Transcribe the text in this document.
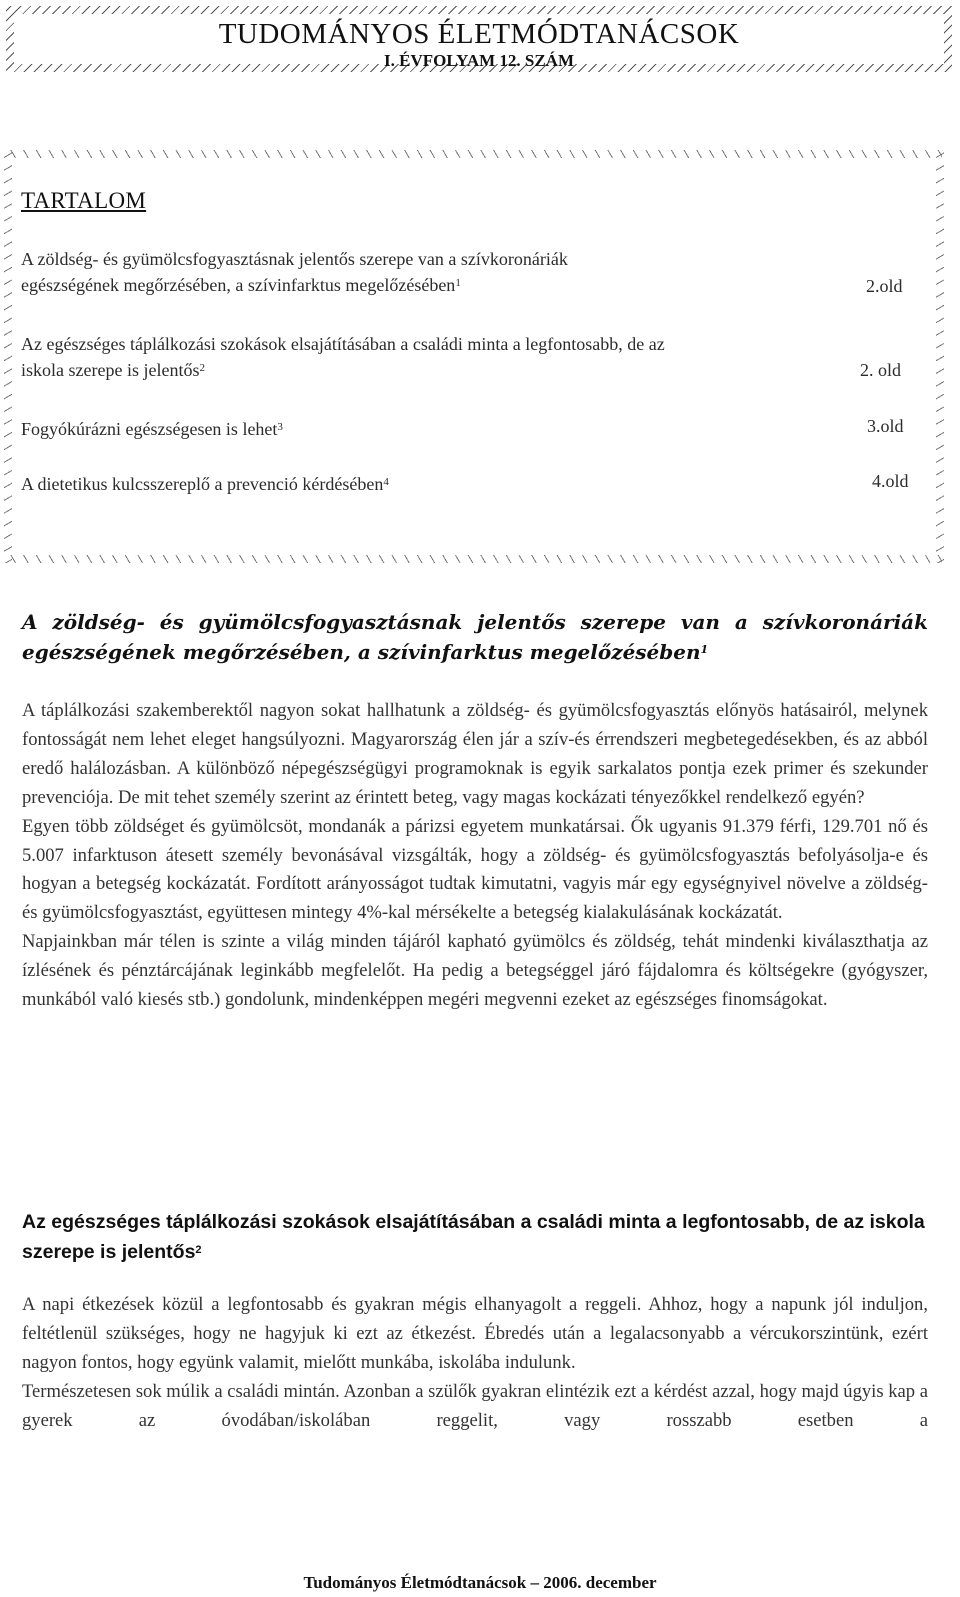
TUDOMÁNYOS ÉLETMÓDTANÁCSOK
I. ÉVFOLYAM 12. SZÁM
TARTALOM
A zöldség- és gyümölcsfogyasztásnak jelentős szerepe van a szívkoronáriák
egészségének megőrzésében, a szívinfarktus megelőzésében$^1$	2.old
Az egészséges táplálkozási szokások elsajátításában a családi minta a legfontosabb, de az
iskola szerepe is jelentős$^2$	2. old
Fogyókúrázni egészségesen is lehet$^3$	3.old
A dietetikus kulcsszereplő a prevenció kérdésében$^4$	4.old
A zöldség- és gyümölcsfogyasztásnak jelentős szerepe van a szívkoronáriák egészségének megőrzésében, a szívinfarktus megelőzésében$^1$

A táplálkozási szakemberektől nagyon sokat hallhatunk a zöldség- és gyümölcsfogyasztás előnyös hatásairól, melynek fontosságát nem lehet eleget hangsúlyozni. Magyarország élen jár a szív-és érrendszeri megbetegedésekben, és az abból eredő halálozásban. A különböző népegészségügyi programoknak is egyik sarkalatos pontja ezek primer és szekunder prevenciója. De mit tehet személy szerint az érintett beteg, vagy magas kockázati tényezőkkel rendelkező egyén?

Egyen több zöldséget és gyümölcsöt, mondanák a párizsi egyetem munkatársai. Ők ugyanis 91.379 férfi, 129.701 nő és 5.007 infarktuson átesett személy bevonásával vizsgálták, hogy a zöldség- és gyümölcsfogyasztás befolyásolja-e és hogyan a betegség kockázatát. Fordított arányosságot tudtak kimutatni, vagyis már egy egységnyivel növelve a zöldség- és gyümölcsfogyasztást, együttesen mintegy 4%-kal mérsékelte a betegség kialakulásának kockázatát.

Napjainkban már télen is szinte a világ minden tájáról kapható gyümölcs és zöldség, tehát mindenki kiválaszthatja az ízlésének és pénztárcájának leginkább megfelelőt. Ha pedig a betegséggel járó fájdalomra és költségekre (gyógyszer, munkából való kiesés stb.) gondolunk, mindenképpen megéri megvenni ezeket az egészséges finomságokat.

Az egészséges táplálkozási szokások elsajátításában a családi minta a legfontosabb, de az iskola szerepe is jelentős$^2$

A napi étkezések közül a legfontosabb és gyakran mégis elhanyagolt a reggeli. Ahhoz, hogy a napunk jól induljon, feltétlenül szükséges, hogy ne hagyjuk ki ezt az étkezést. Ébredés után a legalacsonyabb a vércukorszintünk, ezért nagyon fontos, hogy együnk valamit, mielőtt munkába, iskolába indulunk.

Természetesen sok múlik a családi mintán. Azonban a szülők gyakran elintézik ezt a kérdést azzal, hogy majd úgyis kap a gyerek az óvodában/iskolában reggelit, vagy rosszabb esetben a

Tudományos Életmódtanácsok – 2006. december
